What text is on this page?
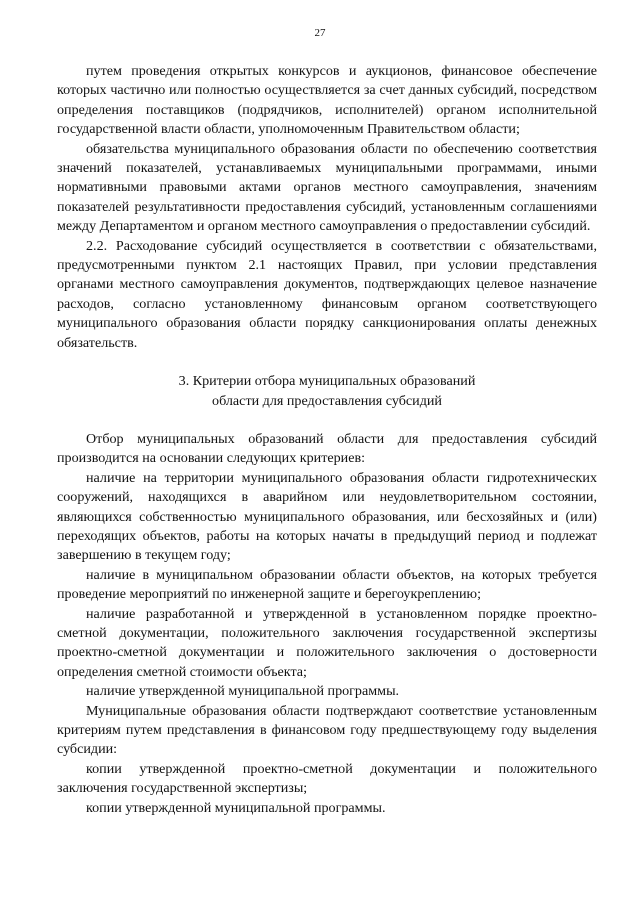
27

путем проведения открытых конкурсов и аукционов, финансовое обеспечение которых частично или полностью осуществляется за счет данных субсидий, посредством определения поставщиков (подрядчиков, исполнителей) органом исполнительной государственной власти области, уполномоченным Правительством области;

обязательства муниципального образования области по обеспечению соответствия значений показателей, устанавливаемых муниципальными программами, иными нормативными правовыми актами органов местного самоуправления, значениям показателей результативности предоставления субсидий, установленным соглашениями между Департаментом и органом местного самоуправления о предоставлении субсидий.

2.2. Расходование субсидий осуществляется в соответствии с обязательствами, предусмотренными пунктом 2.1 настоящих Правил, при условии представления органами местного самоуправления документов, подтверждающих целевое назначение расходов, согласно установленному финансовым органом соответствующего муниципального образования области порядку санкционирования оплаты денежных обязательств.

3. Критерии отбора муниципальных образований
области для предоставления субсидий

Отбор муниципальных образований области для предоставления субсидий производится на основании следующих критериев:

наличие на территории муниципального образования области гидротехнических сооружений, находящихся в аварийном или неудовлетворительном состоянии, являющихся собственностью муниципального образования, или бесхозяйных и (или) переходящих объектов, работы на которых начаты в предыдущий период и подлежат завершению в текущем году;

наличие в муниципальном образовании области объектов, на которых требуется проведение мероприятий по инженерной защите и берегоукреплению;

наличие разработанной и утвержденной в установленном порядке проектно-сметной документации, положительного заключения государственной экспертизы проектно-сметной документации и положительного заключения о достоверности определения сметной стоимости объекта;

наличие утвержденной муниципальной программы.

Муниципальные образования области подтверждают соответствие установленным критериям путем представления в финансовом году предшествующему году выделения субсидии:

копии утвержденной проектно-сметной документации и положительного заключения государственной экспертизы;

копии утвержденной муниципальной программы.
